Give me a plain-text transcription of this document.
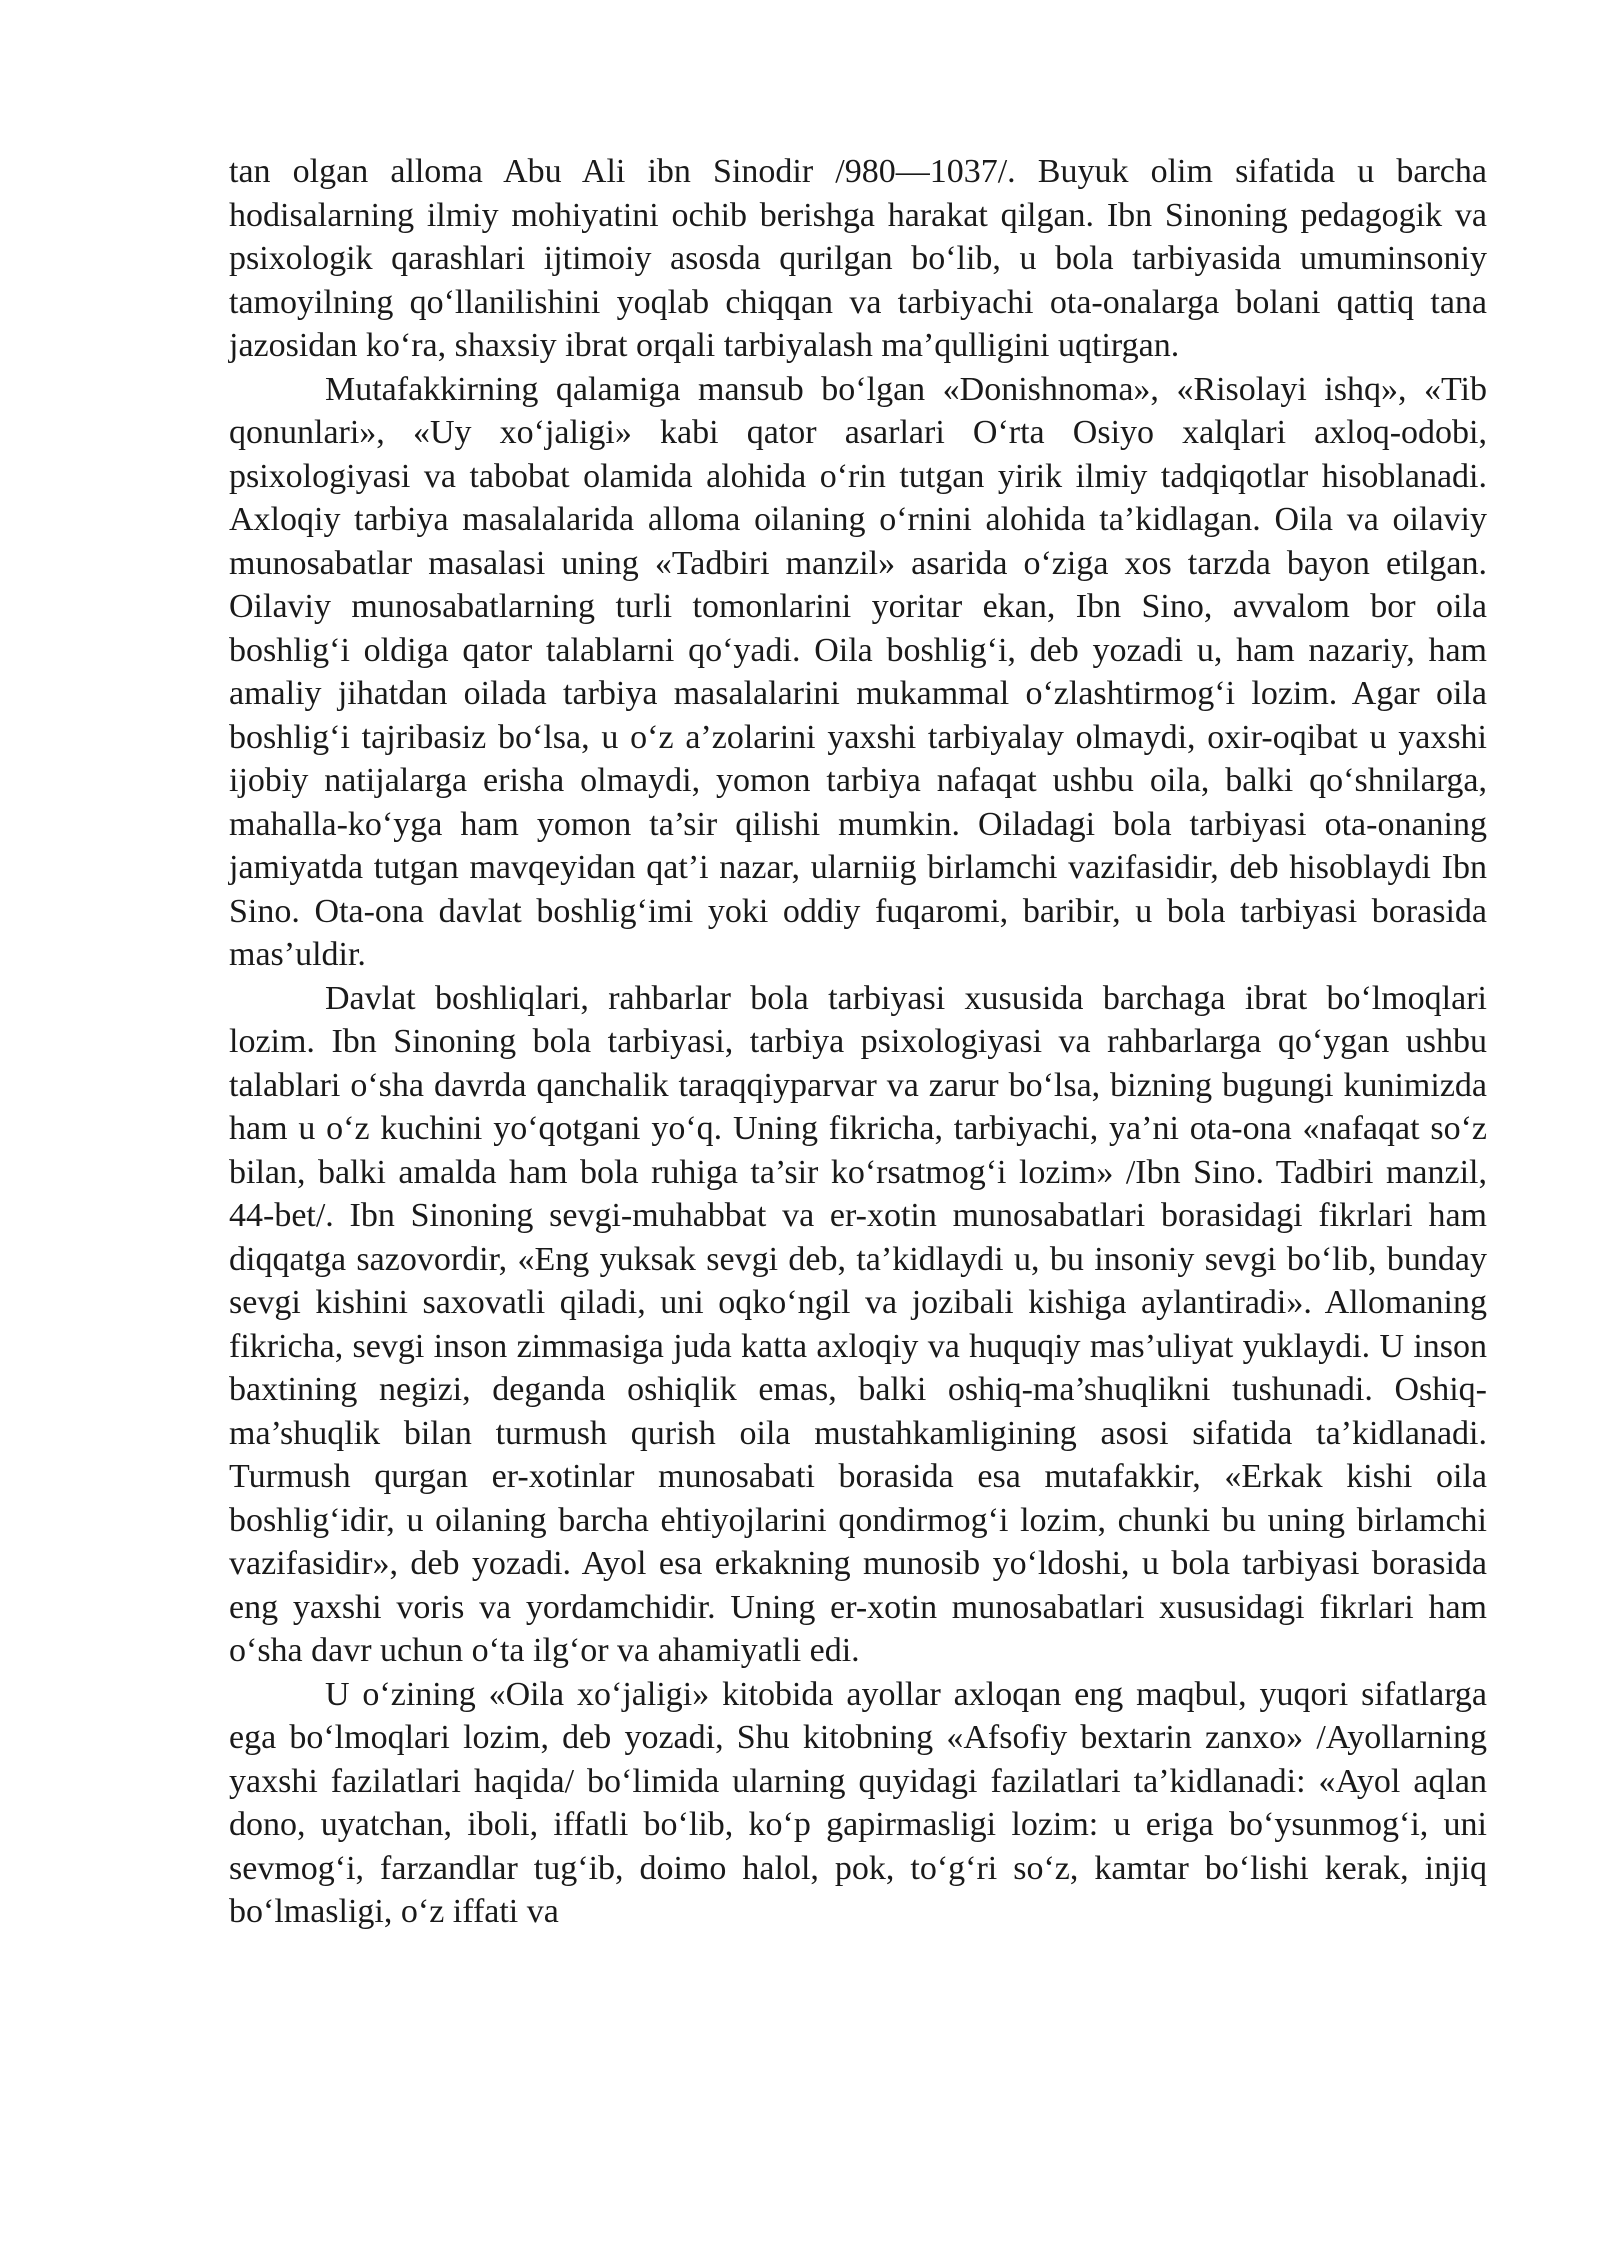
tan olgan alloma Abu Ali ibn Sinodir /980—1037/. Buyuk olim sifatida u barcha hodisalarning ilmiy mohiyatini ochib berishga harakat qilgan. Ibn Sinoning pedagogik va psixologik qarashlari ijtimoiy asosda qurilgan bo‘lib, u bola tarbiyasida umuminsoniy tamoyilning qo‘llanilishini yoqlab chiqqan va tarbiyachi ota-onalarga bolani qattiq tana jazosidan ko‘ra, shaxsiy ibrat orqali tarbiyalash ma’qulligini uqtirgan.

Mutafakkirning qalamiga mansub bo‘lgan «Donishnoma», «Risolayi ishq», «Tib qonunlari», «Uy xo‘jaligi» kabi qator asarlari O‘rta Osiyo xalqlari axloq-odobi, psixologiyasi va tabobat olamida alohida o‘rin tutgan yirik ilmiy tadqiqotlar hisoblanadi. Axloqiy tarbiya masalalarida alloma oilaning o‘rnini alohida ta’kidlagan. Oila va oilaviy munosabatlar masalasi uning «Tadbiri manzil» asarida o‘ziga xos tarzda bayon etilgan. Oilaviy munosabatlarning turli tomonlarini yoritar ekan, Ibn Sino, avvalom bor oila boshlig‘i oldiga qator talablarni qo‘yadi. Oila boshlig‘i, deb yozadi u, ham nazariy, ham amaliy jihatdan oilada tarbiya masalalarini mukammal o‘zlashtirmog‘i lozim. Agar oila boshlig‘i tajribasiz bo‘lsa, u o‘z a’zolarini yaxshi tarbiyalay olmaydi, oxir-oqibat u yaxshi ijobiy natijalarga erisha olmaydi, yomon tarbiya nafaqat ushbu oila, balki qo‘shnilarga, mahalla-ko‘yga ham yomon ta’sir qilishi mumkin. Oiladagi bola tarbiyasi ota-onaning jamiyatda tutgan mavqeyidan qat’i nazar, ularniig birlamchi vazifasidir, deb hisoblaydi Ibn Sino. Ota-ona davlat boshlig‘imi yoki oddiy fuqaromi, baribir, u bola tarbiyasi borasida mas’uldir.

Davlat boshliqlari, rahbarlar bola tarbiyasi xususida barchaga ibrat bo‘lmoqlari lozim. Ibn Sinoning bola tarbiyasi, tarbiya psixologiyasi va rahbarlarga qo‘ygan ushbu talablari o‘sha davrda qanchalik taraqqiyparvar va zarur bo‘lsa, bizning bugungi kunimizda ham u o‘z kuchini yo‘qotgani yo‘q. Uning fikricha, tarbiyachi, ya’ni ota-ona «nafaqat so‘z bilan, balki amalda ham bola ruhiga ta’sir ko‘rsatmog‘i lozim» /Ibn Sino. Tadbiri manzil, 44-bet/. Ibn Sinoning sevgi-muhabbat va er-xotin munosabatlari borasidagi fikrlari ham diqqatga sazovordir, «Eng yuksak sevgi deb, ta’kidlaydi u, bu insoniy sevgi bo‘lib, bunday sevgi kishini saxovatli qiladi, uni oqko‘ngil va jozibali kishiga aylantiradi». Allomaning fikricha, sevgi inson zimmasiga juda katta axloqiy va huquqiy mas’uliyat yuklaydi. U inson baxtining negizi, deganda oshiqlik emas, balki oshiq-ma’shuqlikni tushunadi. Oshiq-ma’shuqlik bilan turmush qurish oila mustahkamligining asosi sifatida ta’kidlanadi. Turmush qurgan er-xotinlar munosabati borasida esa mutafakkir, «Erkak kishi oila boshlig‘idir, u oilaning barcha ehtiyojlarini qondirmog‘i lozim, chunki bu uning birlamchi vazifasidir», deb yozadi. Ayol esa erkakning munosib yo‘ldoshi, u bola tarbiyasi borasida eng yaxshi voris va yordamchidir. Uning er-xotin munosabatlari xususidagi fikrlari ham o‘sha davr uchun o‘ta ilg‘or va ahamiyatli edi.

U o‘zining «Oila xo‘jaligi» kitobida ayollar axloqan eng maqbul, yuqori sifatlarga ega bo‘lmoqlari lozim, deb yozadi, Shu kitobning «Afsofiy bextarin zanxo» /Ayollarning yaxshi fazilatlari haqida/ bo‘limida ularning quyidagi fazilatlari ta’kidlanadi: «Ayol aqlan dono, uyatchan, iboli, iffatli bo‘lib, ko‘p gapirmasligi lozim: u eriga bo‘ysunmog‘i, uni sevmog‘i, farzandlar tug‘ib, doimo halol, pok, to‘g‘ri so‘z, kamtar bo‘lishi kerak, injiq bo‘lmasligi, o‘z iffati va
